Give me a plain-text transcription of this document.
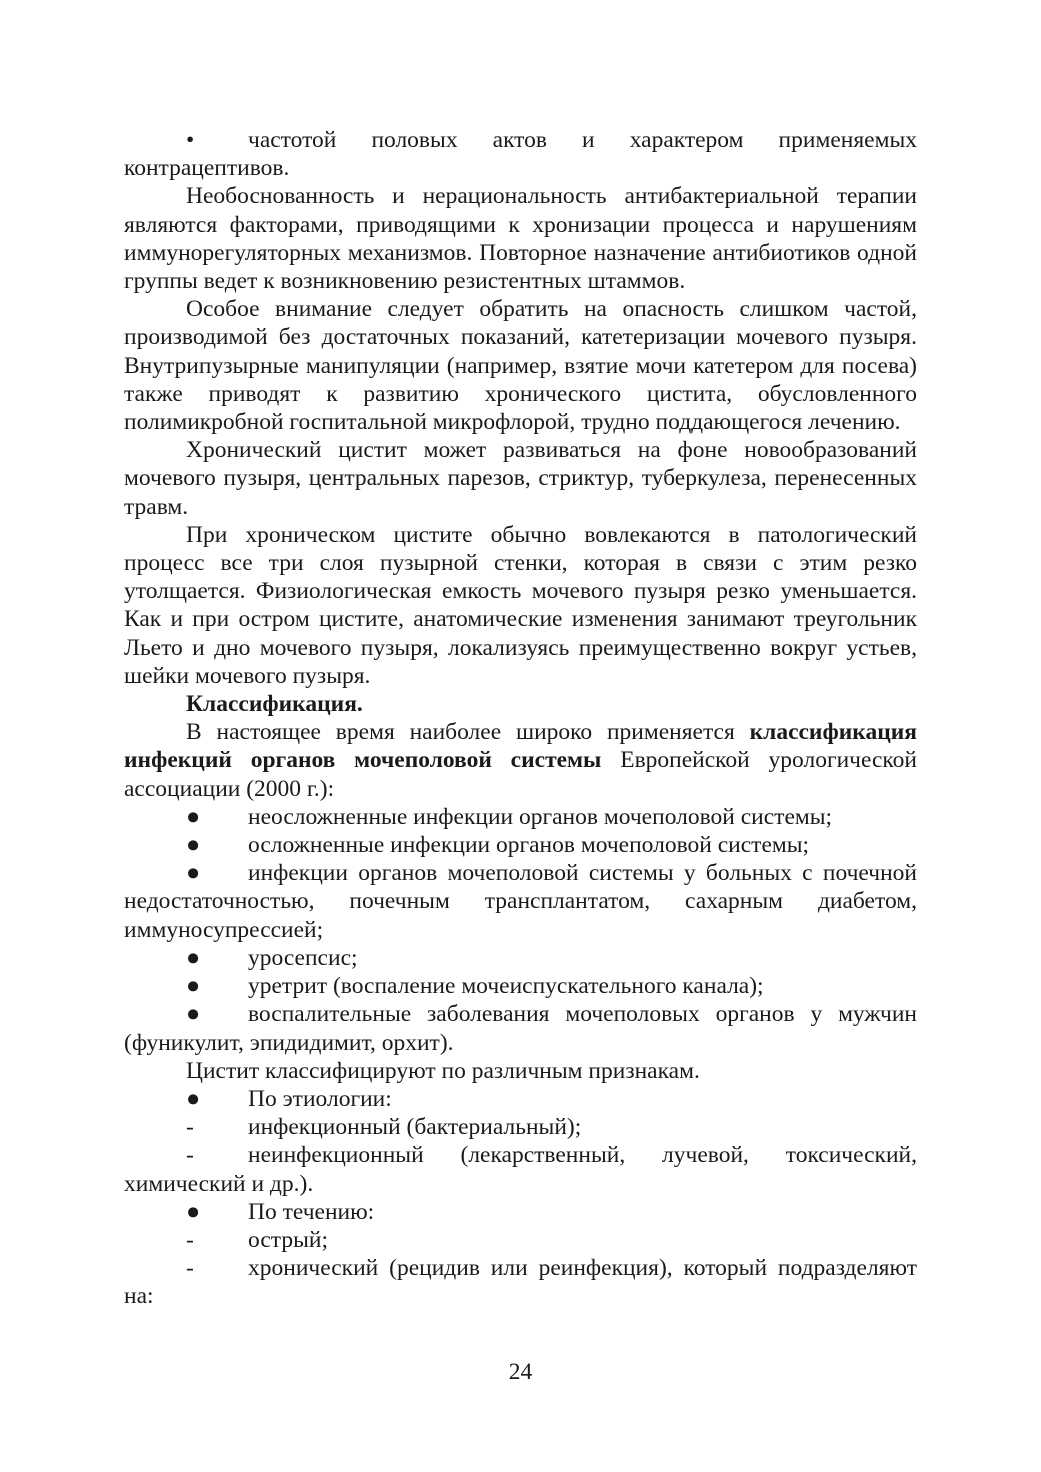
• частотой половых актов и характером применяемых контрацептивов.

Необоснованность и нерациональность антибактериальной терапии являются факторами, приводящими к хронизации процесса и нарушениям иммунорегуляторных механизмов. Повторное назначение антибиотиков одной группы ведет к возникновению резистентных штаммов.

Особое внимание следует обратить на опасность слишком частой, производимой без достаточных показаний, катетеризации мочевого пузыря. Внутрипузырные манипуляции (например, взятие мочи катетером для посева) также приводят к развитию хронического цистита, обусловленного полимикробной госпитальной микрофлорой, трудно поддающегося лечению.

Хронический цистит может развиваться на фоне новообразований мочевого пузыря, центральных парезов, стриктур, туберкулеза, перенесенных травм.

При хроническом цистите обычно вовлекаются в патологический процесс все три слоя пузырной стенки, которая в связи с этим резко утолщается. Физиологическая емкость мочевого пузыря резко уменьшается. Как и при остром цистите, анатомические изменения занимают треугольник Льето и дно мочевого пузыря, локализуясь преимущественно вокруг устьев, шейки мочевого пузыря.

Классификация.

В настоящее время наиболее широко применяется классификация инфекций органов мочеполовой системы Европейской урологической ассоциации (2000 г.):

●	неосложненные инфекции органов мочеполовой системы;
●	осложненные инфекции органов мочеполовой системы;

● инфекции органов мочеполовой системы у больных с почечной недостаточностью, почечным трансплантатом, сахарным диабетом, иммуносупрессией;

●	уросепсис;
●	уретрит (воспаление мочеиспускательного канала);

● воспалительные заболевания мочеполовых органов у мужчин (фуникулит, эпидидимит, орхит).

Цистит классифицируют по различным признакам.

●	По этиологии:
-	инфекционный (бактериальный);

- неинфекционный (лекарственный, лучевой, токсический, химический и др.).

●	По течению:
-	острый;

- хронический (рецидив или реинфекция), который подразделяют на:

24
